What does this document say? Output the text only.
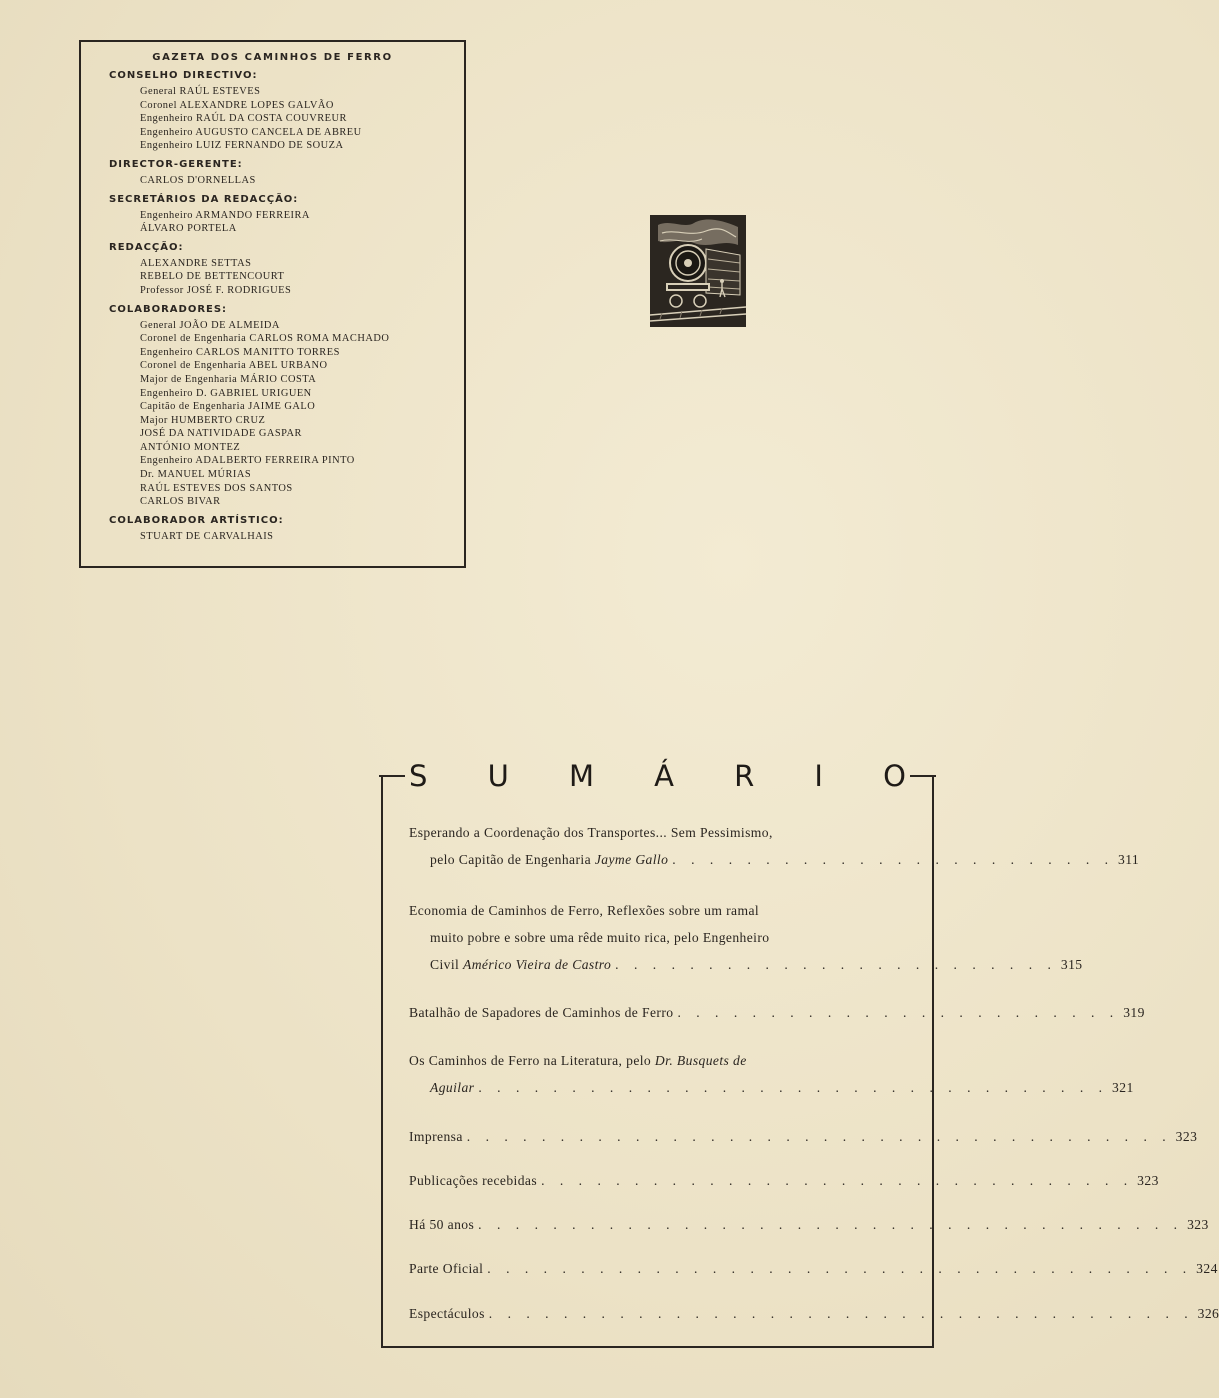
GAZETA DOS CAMINHOS DE FERRO
CONSELHO DIRECTIVO:
General RAÚL ESTEVES
Coronel ALEXANDRE LOPES GALVÃO
Engenheiro RAÚL DA COSTA COUVREUR
Engenheiro AUGUSTO CANCELA DE ABREU
Engenheiro LUIZ FERNANDO DE SOUZA
DIRECTOR-GERENTE:
CARLOS D'ORNELLAS
SECRETÁRIOS DA REDACÇÃO:
Engenheiro ARMANDO FERREIRA
ÁLVARO PORTELA
REDACÇÃO:
ALEXANDRE SETTAS
REBELO DE BETTENCOURT
Professor JOSÉ F. RODRIGUES
COLABORADORES:
General JOÃO DE ALMEIDA
Coronel de Engenharia CARLOS ROMA MACHADO
Engenheiro CARLOS MANITTO TORRES
Coronel de Engenharia ABEL URBANO
Major de Engenharia MÁRIO COSTA
Engenheiro D. GABRIEL URIGUEN
Capitão de Engenharia JAIME GALO
Major HUMBERTO CRUZ
JOSÉ DA NATIVIDADE GASPAR
ANTÓNIO MONTEZ
Engenheiro ADALBERTO FERREIRA PINTO
Dr. MANUEL MÚRIAS
RAÚL ESTEVES DOS SANTOS
CARLOS BIVAR
COLABORADOR ARTÍSTICO:
STUART DE CARVALHAIS
S U M Á R I O
Esperando a Coordenação dos Transportes... Sem Pessimismo,
pelo Capitão de Engenharia Jayme Gallo . . . . . . . . . . . . . . . . . . . . . . . . 311
Economia de Caminhos de Ferro, Reflexões sobre um ramal
muito pobre e sobre uma rêde muito rica, pelo Engenheiro
Civil Américo Vieira de Castro . . . . . . . . . . . . . . . . . . . . . . . . 315
Batalhão de Sapadores de Caminhos de Ferro . . . . . . . . . . . . . . . . . . . . . . . . 319
Os Caminhos de Ferro na Literatura, pelo Dr. Busquets de
Aguilar . . . . . . . . . . . . . . . . . . . . . . . . . . . . . . . . . . 321
Imprensa . . . . . . . . . . . . . . . . . . . . . . . . . . . . . . . . . . . . . . 323
Publicações recebidas . . . . . . . . . . . . . . . . . . . . . . . . . . . . . . . . 323
Há 50 anos . . . . . . . . . . . . . . . . . . . . . . . . . . . . . . . . . . . . . . 323
Parte Oficial . . . . . . . . . . . . . . . . . . . . . . . . . . . . . . . . . . . . . . 324
Espectáculos . . . . . . . . . . . . . . . . . . . . . . . . . . . . . . . . . . . . . . 326
